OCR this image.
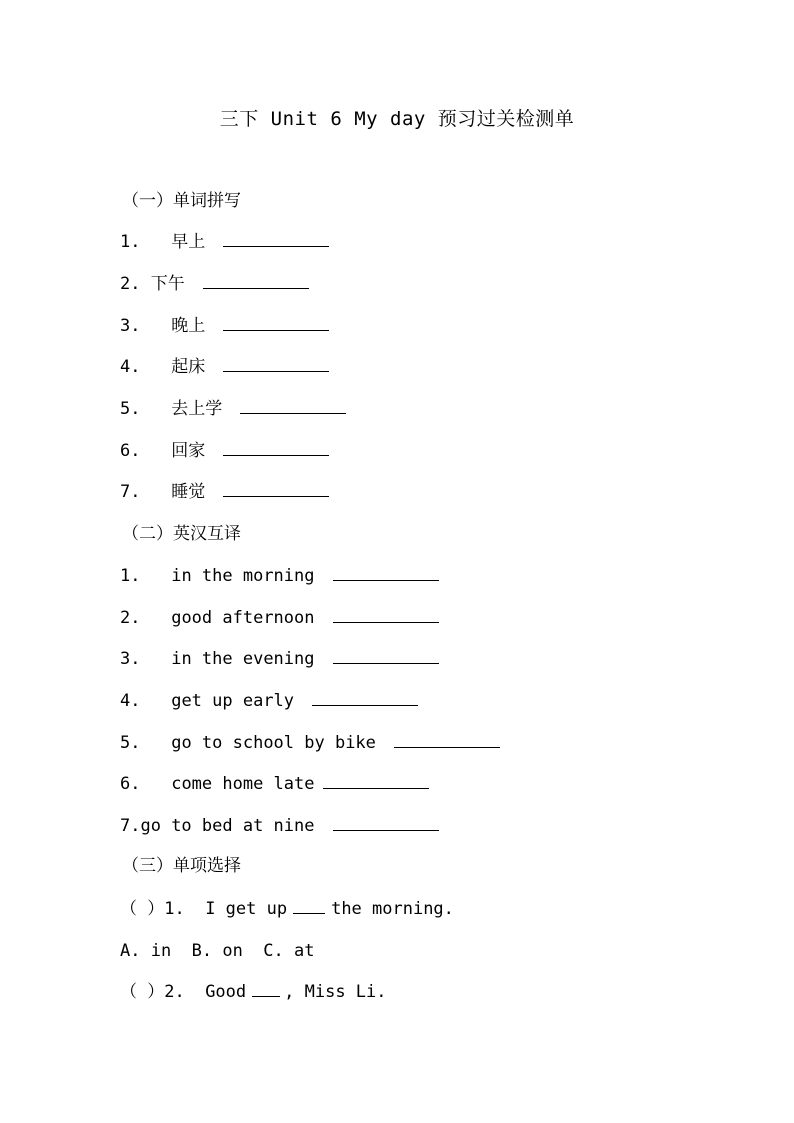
三下 Unit 6 My day 预习过关检测单
（一）单词拼写
1.   早上
2. 下午
3.   晚上
4.   起床
5.   去上学
6.   回家
7.   睡觉
（二）英汉互译
1.   in the morning
2.   good afternoon
3.   in the evening
4.   get up early
5.   go to school by bike
6.   come home late
7.go to bed at nine
（三）单项选择
（ ）1.  I get up	the morning.
A. in  B. on  C. at
（ ）2.  Good , Miss Li.
